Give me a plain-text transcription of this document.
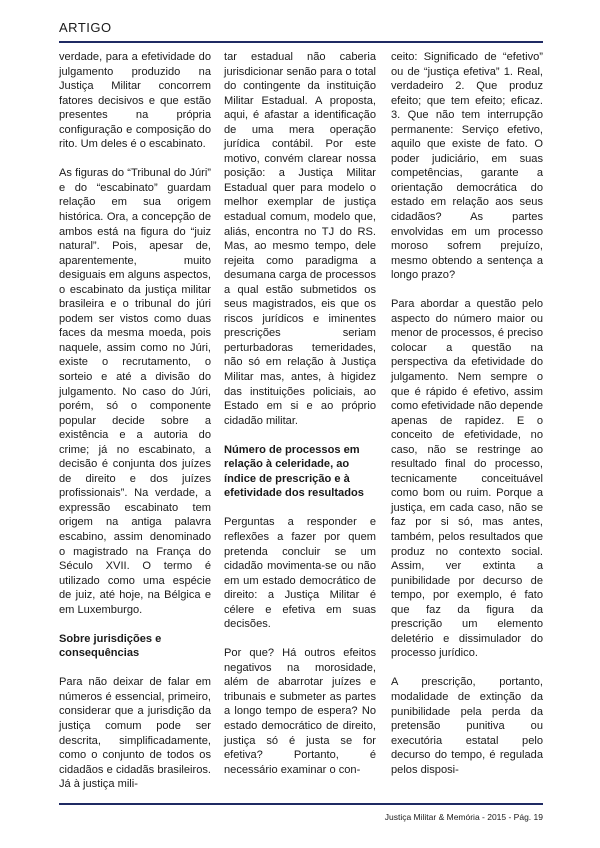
ARTIGO

verdade, para a efetividade do julgamento produzido na Justiça Militar concorrem fatores decisivos e que estão presentes na própria configuração e composição do rito. Um deles é o escabinato.

As figuras do “Tribunal do Júri” e do “escabinato” guardam relação em sua origem histórica. Ora, a concepção de ambos está na figura do “juiz natural”. Pois, apesar de, aparentemente, muito desiguais em alguns aspectos, o escabinato da justiça militar brasileira e o tribunal do júri podem ser vistos como duas faces da mesma moeda, pois naquele, assim como no Júri, existe o recrutamento, o sorteio e até a divisão do julgamento. No caso do Júri, porém, só o componente popular decide sobre a existência e a autoria do crime; já no escabinato, a decisão é conjunta dos juízes de direito e dos juízes profissionais”. Na verdade, a expressão escabinato tem origem na antiga palavra escabino, assim denominado o magistrado na França do Século XVII. O termo é utilizado como uma espécie de juiz, até hoje, na Bélgica e em Luxemburgo.

Sobre jurisdições e consequências

Para não deixar de falar em números é essencial, primeiro, considerar que a jurisdição da justiça comum pode ser descrita, simplificadamente, como o conjunto de todos os cidadãos e cidadãs brasileiros. Já à justiça mili-

tar estadual não caberia jurisdicionar senão para o total do contingente da instituição Militar Estadual. A proposta, aqui, é afastar a identificação de uma mera operação jurídica contábil. Por este motivo, convém clarear nossa posição: a Justiça Militar Estadual quer para modelo o melhor exemplar de justiça estadual comum, modelo que, aliás, encontra no TJ do RS. Mas, ao mesmo tempo, dele rejeita como paradigma a desumana carga de processos a qual estão submetidos os seus magistrados, eis que os riscos jurídicos e iminentes prescrições seriam perturbadoras temeridades, não só em relação à Justiça Militar mas, antes, à higidez das instituições policiais, ao Estado em si e ao próprio cidadão militar.

Número de processos em relação à celeridade, ao índice de prescrição e à efetividade dos resultados

Perguntas a responder e reflexões a fazer por quem pretenda concluir se um cidadão movimenta-se ou não em um estado democrático de direito: a Justiça Militar é célere e efetiva em suas decisões.

Por que? Há outros efeitos negativos na morosidade, além de abarrotar juízes e tribunais e submeter as partes a longo tempo de espera? No estado democrático de direito, justiça só é justa se for efetiva? Portanto, é necessário examinar o con-

ceito: Significado de “efetivo” ou de “justiça efetiva” 1. Real, verdadeiro 2. Que produz efeito; que tem efeito; eficaz. 3. Que não tem interrupção permanente: Serviço efetivo, aquilo que existe de fato. O poder judiciário, em suas competências, garante a orientação democrática do estado em relação aos seus cidadãos? As partes envolvidas em um processo moroso sofrem prejuízo, mesmo obtendo a sentença a longo prazo?

Para abordar a questão pelo aspecto do número maior ou menor de processos, é preciso colocar a questão na perspectiva da efetividade do julgamento. Nem sempre o que é rápido é efetivo, assim como efetividade não depende apenas de rapidez. E o conceito de efetividade, no caso, não se restringe ao resultado final do processo, tecnicamente conceituável como bom ou ruim. Porque a justiça, em cada caso, não se faz por si só, mas antes, também, pelos resultados que produz no contexto social. Assim, ver extinta a punibilidade por decurso de tempo, por exemplo, é fato que faz da figura da prescrição um elemento deletério e dissimulador do processo jurídico.

A prescrição, portanto, modalidade de extinção da punibilidade pela perda da pretensão punitiva ou executória estatal pelo decurso do tempo, é regulada pelos disposi-

Justiça Militar & Memória - 2015 - Pág. 19
